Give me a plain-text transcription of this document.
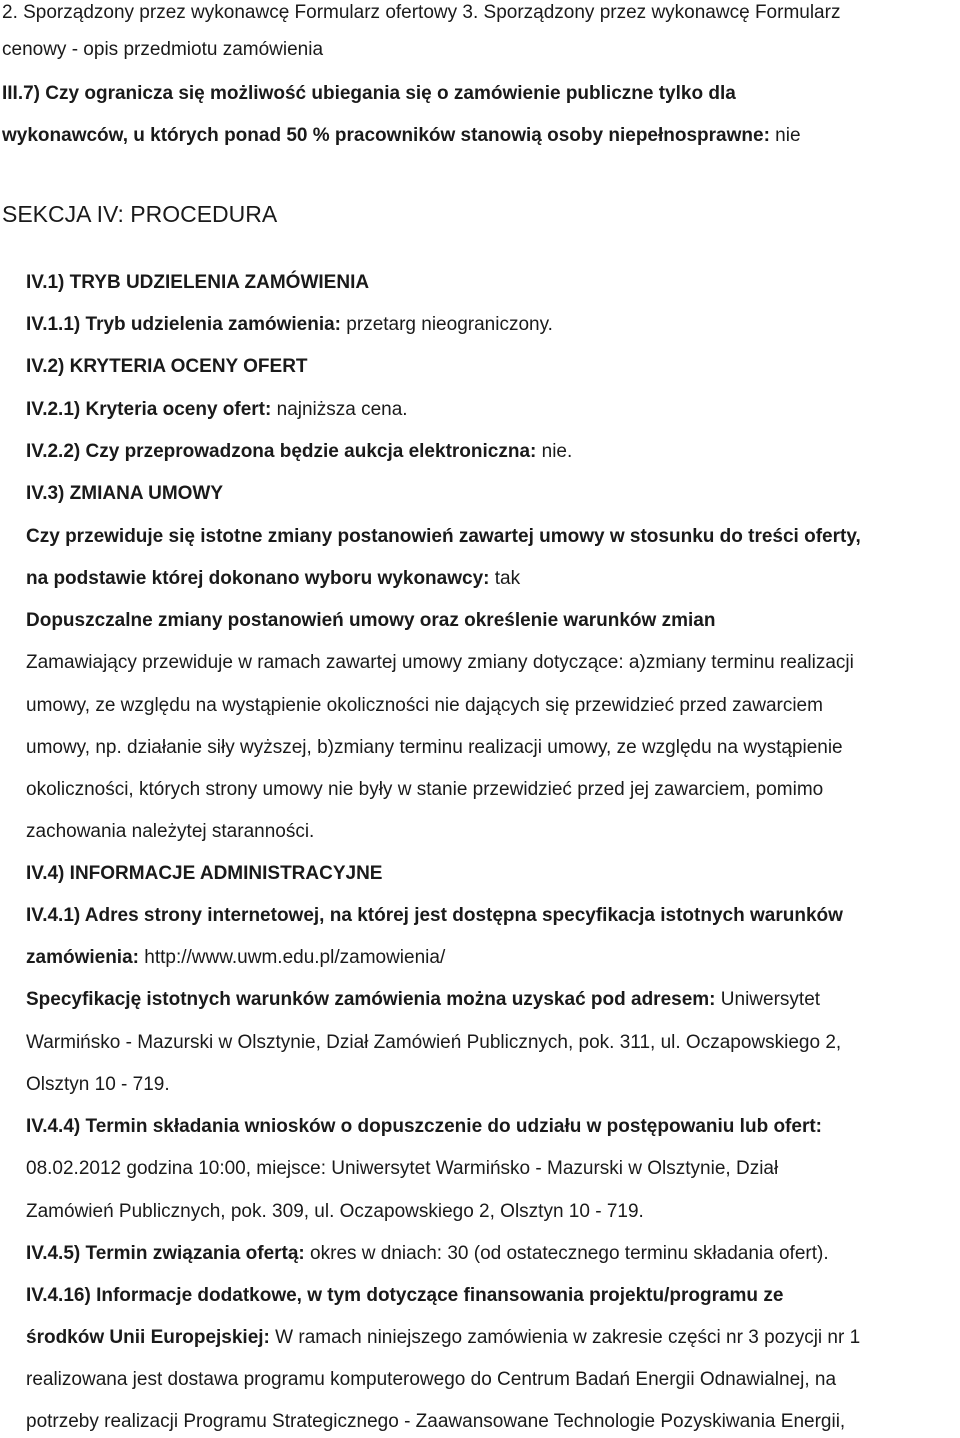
2. Sporządzony przez wykonawcę Formularz ofertowy 3. Sporządzony przez wykonawcę Formularz
cenowy - opis przedmiotu zamówienia
III.7) Czy ogranicza się możliwość ubiegania się o zamówienie publiczne tylko dla
wykonawców, u których ponad 50 % pracowników stanowią osoby niepełnosprawne: nie
SEKCJA IV: PROCEDURA
IV.1) TRYB UDZIELENIA ZAMÓWIENIA
IV.1.1) Tryb udzielenia zamówienia: przetarg nieograniczony.
IV.2) KRYTERIA OCENY OFERT
IV.2.1) Kryteria oceny ofert: najniższa cena.
IV.2.2) Czy przeprowadzona będzie aukcja elektroniczna: nie.
IV.3) ZMIANA UMOWY
Czy przewiduje się istotne zmiany postanowień zawartej umowy w stosunku do treści oferty,
na podstawie której dokonano wyboru wykonawcy: tak
Dopuszczalne zmiany postanowień umowy oraz określenie warunków zmian
Zamawiający przewiduje w ramach zawartej umowy zmiany dotyczące: a)zmiany terminu realizacji
umowy, ze względu na wystąpienie okoliczności nie dających się przewidzieć przed zawarciem
umowy, np. działanie siły wyższej, b)zmiany terminu realizacji umowy, ze względu na wystąpienie
okoliczności, których strony umowy nie były w stanie przewidzieć przed jej zawarciem, pomimo
zachowania należytej staranności.
IV.4) INFORMACJE ADMINISTRACYJNE
IV.4.1) Adres strony internetowej, na której jest dostępna specyfikacja istotnych warunków
zamówienia: http://www.uwm.edu.pl/zamowienia/
Specyfikację istotnych warunków zamówienia można uzyskać pod adresem: Uniwersytet
Warmińsko - Mazurski w Olsztynie, Dział Zamówień Publicznych, pok. 311, ul. Oczapowskiego 2,
Olsztyn 10 - 719.
IV.4.4) Termin składania wniosków o dopuszczenie do udziału w postępowaniu lub ofert:
08.02.2012 godzina 10:00, miejsce: Uniwersytet Warmińsko - Mazurski w Olsztynie, Dział
Zamówień Publicznych, pok. 309, ul. Oczapowskiego 2, Olsztyn 10 - 719.
IV.4.5) Termin związania ofertą: okres w dniach: 30 (od ostatecznego terminu składania ofert).
IV.4.16) Informacje dodatkowe, w tym dotyczące finansowania projektu/programu ze
środków Unii Europejskiej: W ramach niniejszego zamówienia w zakresie części nr 3 pozycji nr 1
realizowana jest dostawa programu komputerowego do Centrum Badań Energii Odnawialnej, na
potrzeby realizacji Programu Strategicznego - Zaawansowane Technologie Pozyskiwania Energii,
